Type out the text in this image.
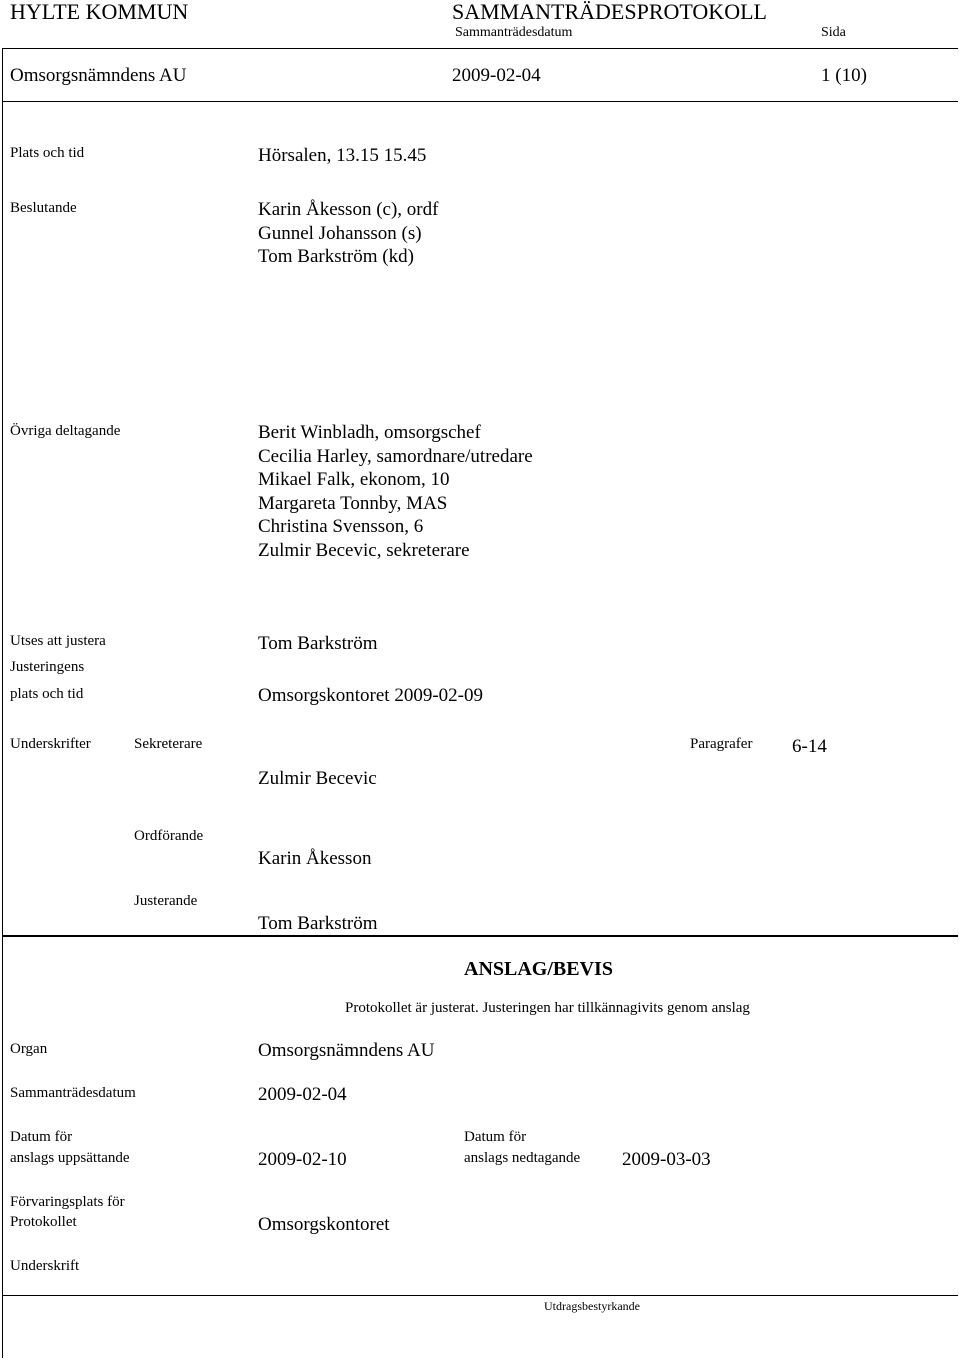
HYLTE KOMMUN	SAMMANTRÄDESPROTOKOLL
Sammanträdesdatum	Sida
Omsorgsnämndens AU	2009-02-04	1 (10)
Plats och tid	Hörsalen, 13.15 15.45
Beslutande	Karin Åkesson (c), ordf
Gunnel Johansson (s)
Tom Barkström (kd)
Övriga deltagande	Berit Winbladh, omsorgschef
Cecilia Harley, samordnare/utredare
Mikael Falk, ekonom, 10
Margareta Tonnby, MAS
Christina Svensson, 6
Zulmir Becevic, sekreterare
Utses att justera	Tom Barkström
Justeringens
plats och tid	Omsorgskontoret 2009-02-09
Underskrifter	Sekreterare	Paragrafer 6-14
Zulmir Becevic
Ordförande
Karin Åkesson
Justerande
Tom Barkström
ANSLAG/BEVIS
Protokollet är justerat. Justeringen har tillkännagivits genom anslag
Organ	Omsorgsnämndens AU
Sammanträdesdatum	2009-02-04
Datum för
anslags uppsättande	2009-02-10
Datum för
anslags nedtagande 2009-03-03
Förvaringsplats för
Protokollet	Omsorgskontoret
Underskrift
Utdragsbestyrkande
